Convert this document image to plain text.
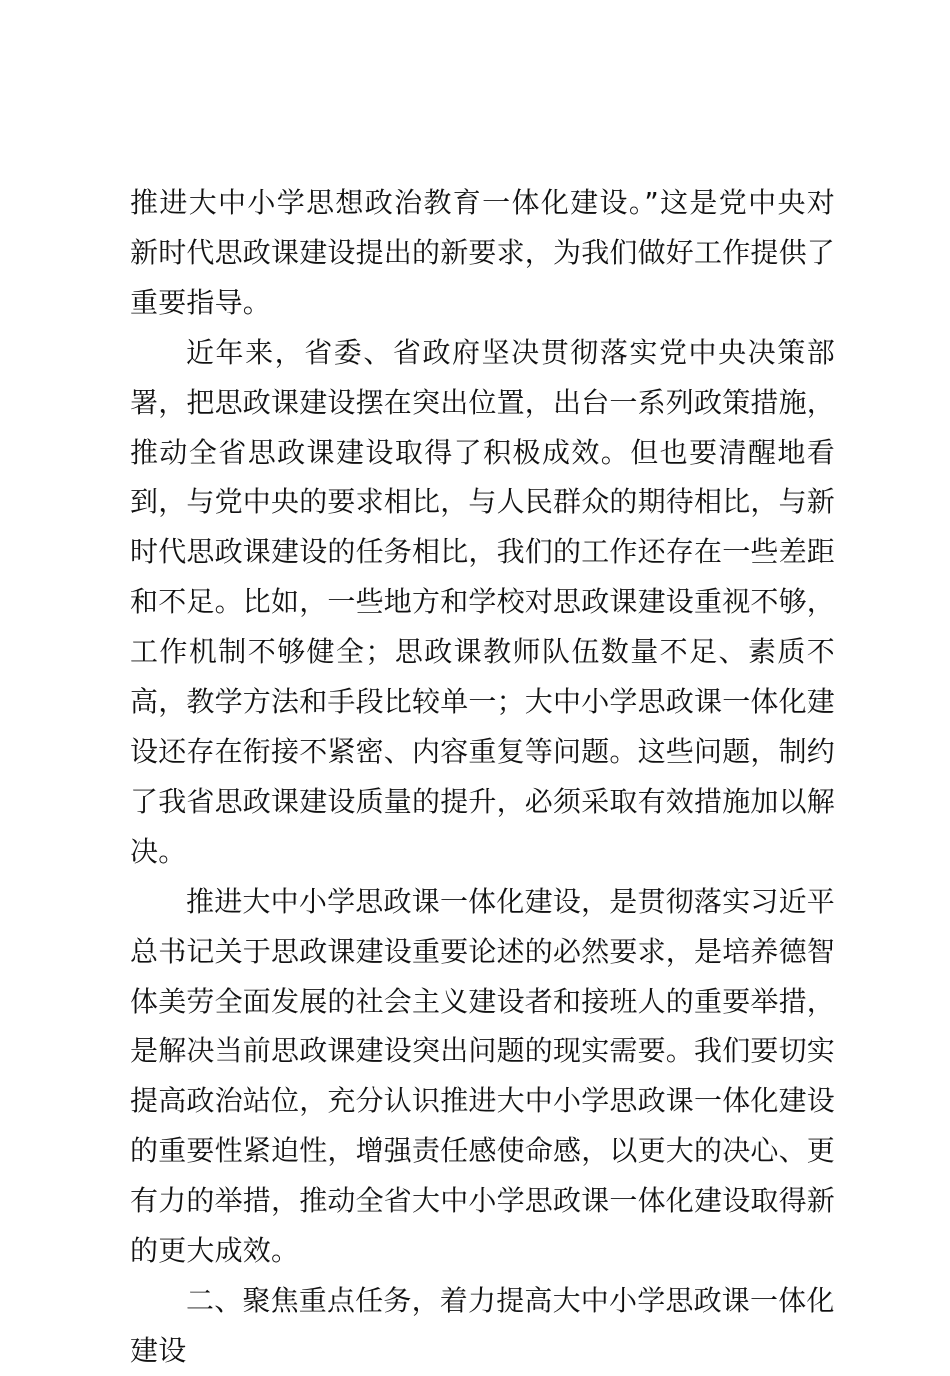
推进大中小学思想政治教育一体化建设。”这是党中央对新时代思政课建设提出的新要求，为我们做好工作提供了重要指导。

近年来，省委、省政府坚决贯彻落实党中央决策部署，把思政课建设摆在突出位置，出台一系列政策措施，推动全省思政课建设取得了积极成效。但也要清醒地看到，与党中央的要求相比，与人民群众的期待相比，与新时代思政课建设的任务相比，我们的工作还存在一些差距和不足。比如，一些地方和学校对思政课建设重视不够，工作机制不够健全；思政课教师队伍数量不足、素质不高，教学方法和手段比较单一；大中小学思政课一体化建设还存在衔接不紧密、内容重复等问题。这些问题，制约了我省思政课建设质量的提升，必须采取有效措施加以解决。

推进大中小学思政课一体化建设，是贯彻落实习近平总书记关于思政课建设重要论述的必然要求，是培养德智体美劳全面发展的社会主义建设者和接班人的重要举措，是解决当前思政课建设突出问题的现实需要。我们要切实提高政治站位，充分认识推进大中小学思政课一体化建设的重要性紧迫性，增强责任感使命感，以更大的决心、更有力的举措，推动全省大中小学思政课一体化建设取得新的更大成效。

二、聚焦重点任务，着力提高大中小学思政课一体化建设
